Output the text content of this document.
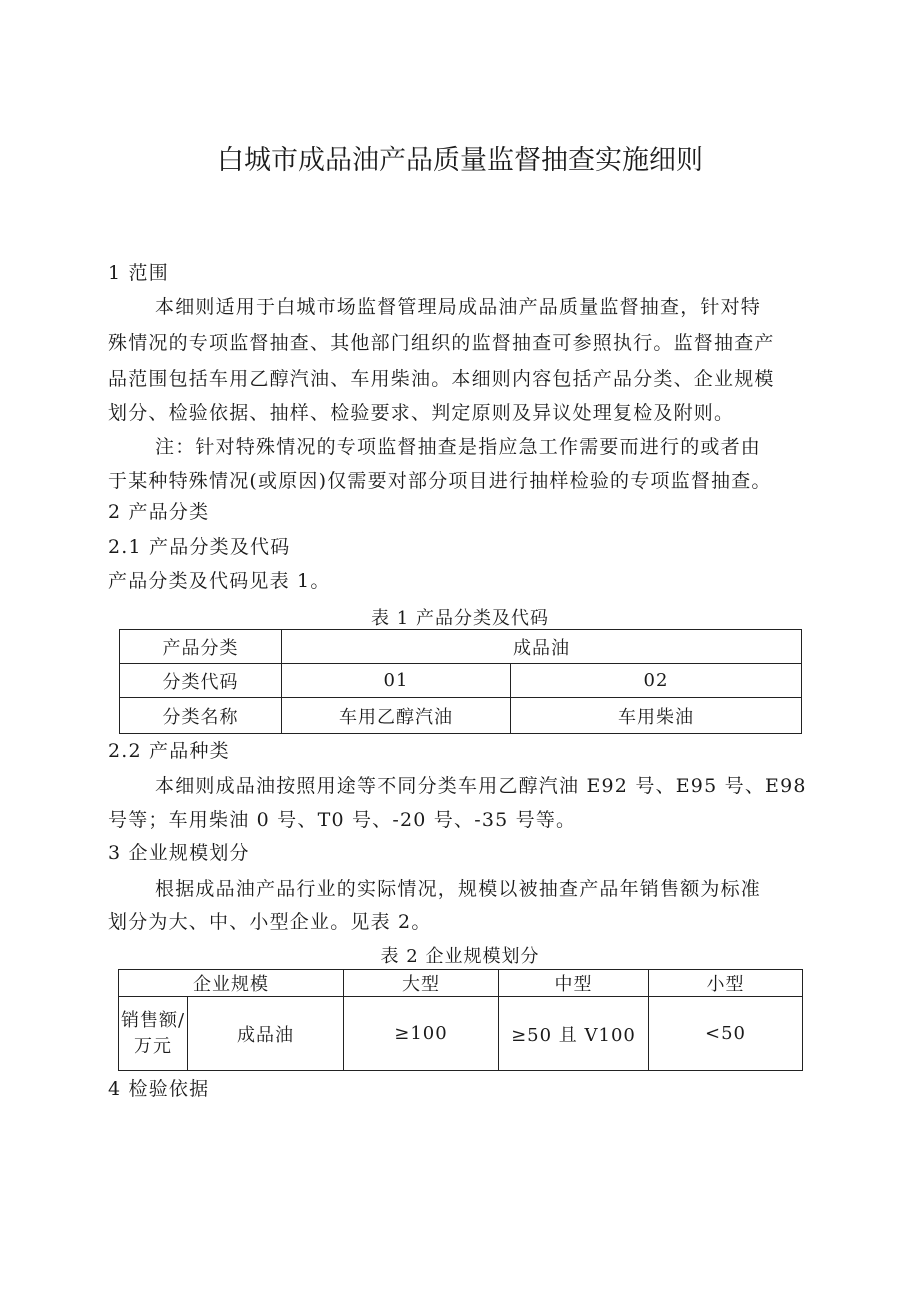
白城市成品油产品质量监督抽查实施细则
1 范围
本细则适用于白城市场监督管理局成品油产品质量监督抽查，针对特
殊情况的专项监督抽查、其他部门组织的监督抽查可参照执行。监督抽查产
品范围包括车用乙醇汽油、车用柴油。本细则内容包括产品分类、企业规模
划分、检验依据、抽样、检验要求、判定原则及异议处理复检及附则。
注：针对特殊情况的专项监督抽查是指应急工作需要而进行的或者由
于某种特殊情况(或原因)仅需要对部分项目进行抽样检验的专项监督抽查。
2 产品分类
2.1 产品分类及代码
产品分类及代码见表 1。
表 1 产品分类及代码
产品分类	成品油	
分类代码	01	02
分类名称	车用乙醇汽油	车用柴油
2.2 产品种类
本细则成品油按照用途等不同分类车用乙醇汽油 E92 号、E95 号、E98
号等；车用柴油 0 号、T0 号、-20 号、-35 号等。
3 企业规模划分
根据成品油产品行业的实际情况，规模以被抽查产品年销售额为标准
划分为大、中、小型企业。见表 2。
表 2 企业规模划分
企业规模		大型	中型	小型
销售额/万元	成品油	≥100	≥50 且 V100	<50
4 检验依据
